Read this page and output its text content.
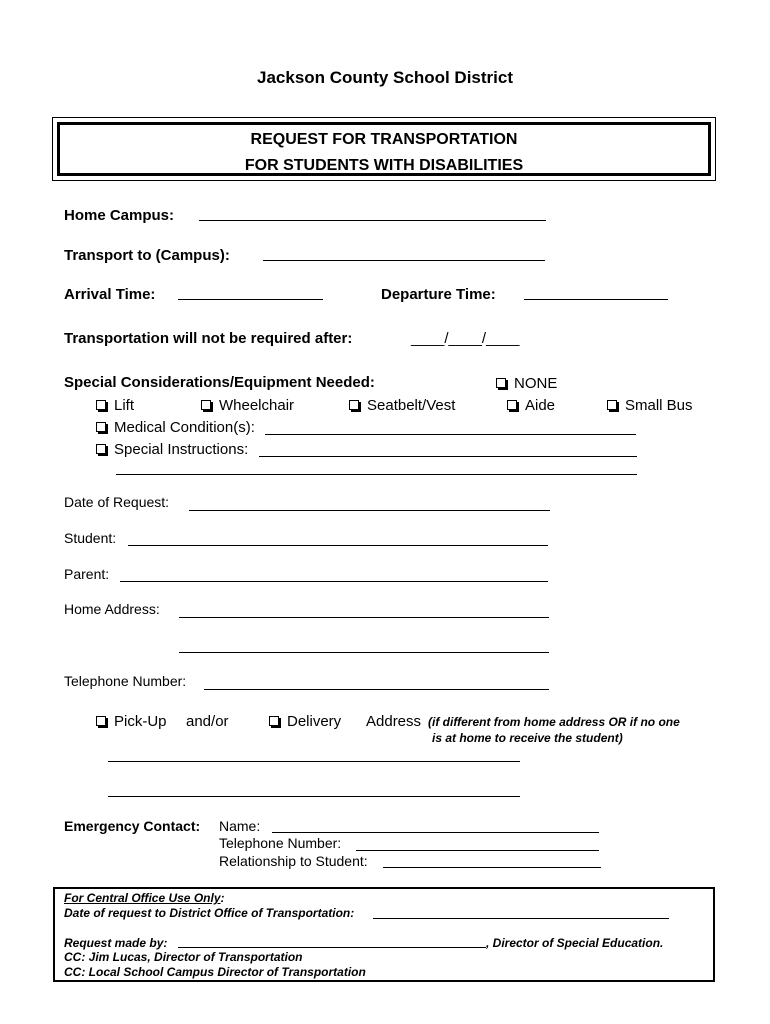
Jackson County School District
REQUEST FOR TRANSPORTATION
FOR STUDENTS WITH DISABILITIES
Home Campus:
Transport to (Campus):
Arrival Time:	Departure Time:
Transportation will not be required after:	____/____/____
Special Considerations/Equipment Needed:	NONE
Lift	Wheelchair	Seatbelt/Vest	Aide	Small Bus
Medical Condition(s):
Special Instructions:
Date of Request:
Student:
Parent:
Home Address:
Telephone Number:
Pick-Up and/or	Delivery Address (if different from home address OR if no one
is at home to receive the student)
Emergency Contact: Name:
Telephone Number:
Relationship to Student:
For Central Office Use Only:
Date of request to District Office of Transportation:
Request made by:	, Director of Special Education.
CC: Jim Lucas, Director of Transportation
CC: Local School Campus Director of Transportation
